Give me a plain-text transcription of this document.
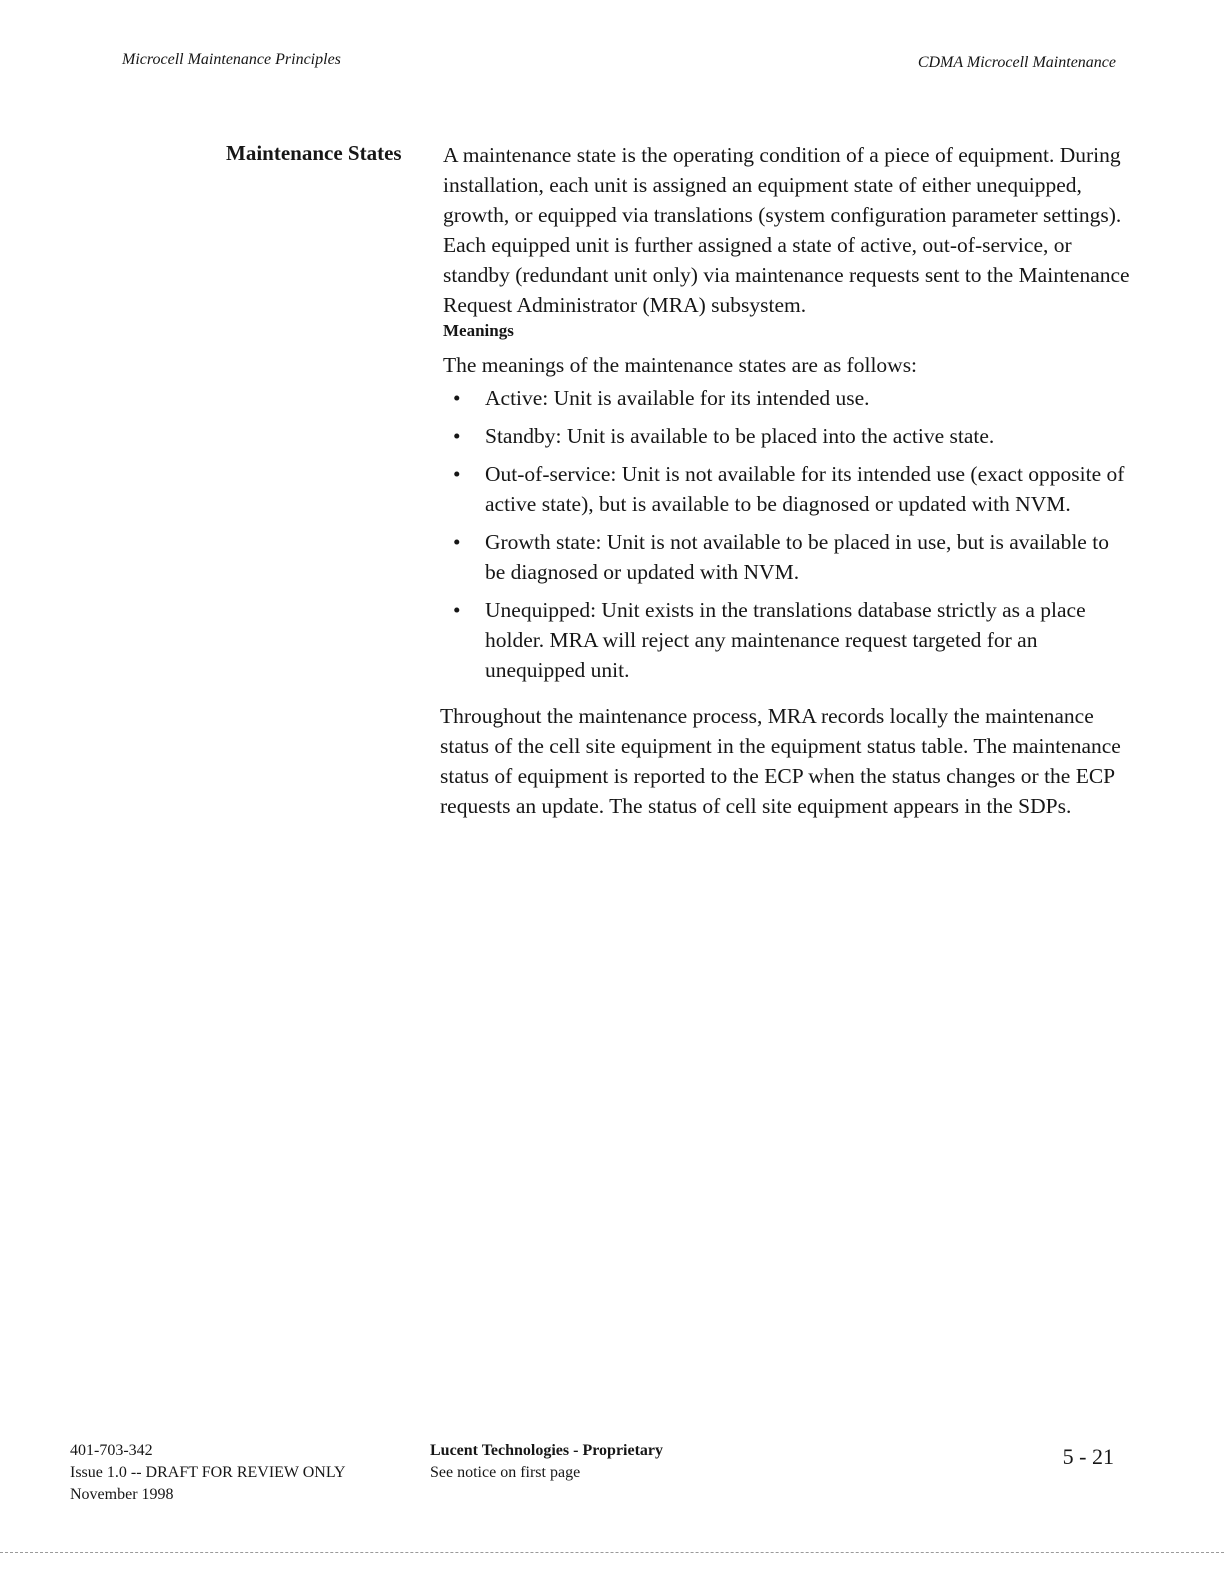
Microcell Maintenance Principles	CDMA Microcell Maintenance
Maintenance States A maintenance state is the operating condition of a piece of equipment. During installation, each unit is assigned an equipment state of either unequipped, growth, or equipped via translations (system configuration parameter settings). Each equipped unit is further assigned a state of active, out-of-service, or standby (redundant unit only) via maintenance requests sent to the Maintenance Request Administrator (MRA) subsystem.

Meanings

The meanings of the maintenance states are as follows:

• Active: Unit is available for its intended use.
• Standby: Unit is available to be placed into the active state.
• Out-of-service: Unit is not available for its intended use (exact opposite of active state), but is available to be diagnosed or updated with NVM.
• Growth state: Unit is not available to be placed in use, but is available to be diagnosed or updated with NVM.
• Unequipped: Unit exists in the translations database strictly as a place holder. MRA will reject any maintenance request targeted for an unequipped unit.

Throughout the maintenance process, MRA records locally the maintenance status of the cell site equipment in the equipment status table. The maintenance status of equipment is reported to the ECP when the status changes or the ECP requests an update. The status of cell site equipment appears in the SDPs.

401-703-342
Issue 1.0 -- DRAFT FOR REVIEW ONLY
November 1998
Lucent Technologies - Proprietary
See notice on first page
5 - 21
